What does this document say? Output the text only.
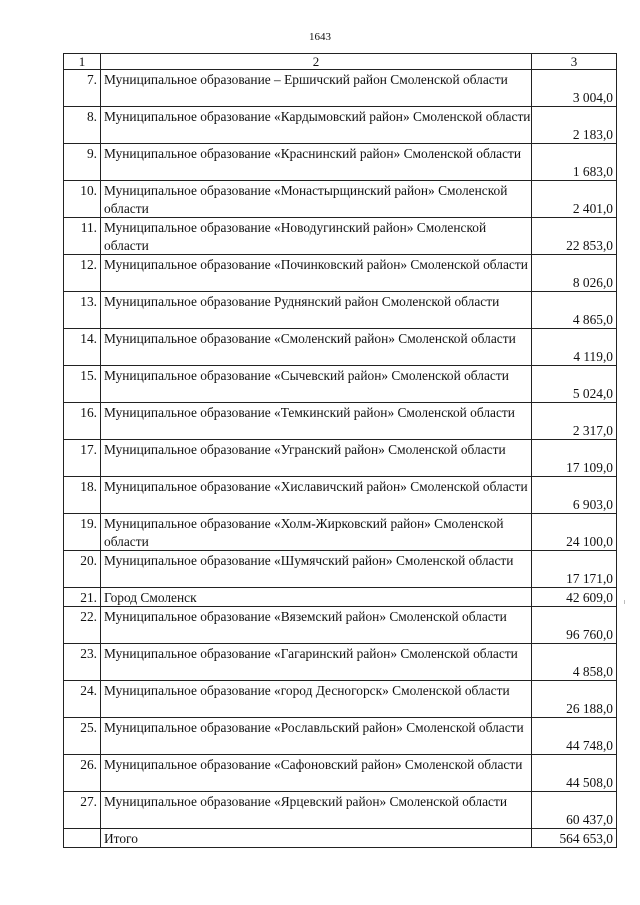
1643
1	2	3
7.	Муниципальное образование – Ершичский район Смоленской области	3 004,0
8.	Муниципальное образование «Кардымовский район» Смоленской области	2 183,0
9.	Муниципальное образование «Краснинский район» Смоленской области	1 683,0
10.	Муниципальное образование «Монастырщинский район» Смоленской области	2 401,0
11.	Муниципальное образование «Новодугинский район» Смоленской области	22 853,0
12.	Муниципальное образование «Починковский район» Смоленской области	8 026,0
13.	Муниципальное образование Руднянский район Смоленской области	4 865,0
14.	Муниципальное образование «Смоленский район» Смоленской области	4 119,0
15.	Муниципальное образование «Сычевский район» Смоленской области	5 024,0
16.	Муниципальное образование «Темкинский район» Смоленской области	2 317,0
17.	Муниципальное образование «Угранский район» Смоленской области	17 109,0
18.	Муниципальное образование «Хиславичский район» Смоленской области	6 903,0
19.	Муниципальное образование «Холм-Жирковский район» Смоленской области	24 100,0
20.	Муниципальное образование «Шумячский район» Смоленской области	17 171,0
21.	Город Смоленск	42 609,0
22.	Муниципальное образование «Вяземский район» Смоленской области	96 760,0
23.	Муниципальное образование «Гагаринский район» Смоленской области	4 858,0
24.	Муниципальное образование «город Десногорск» Смоленской области	26 188,0
25.	Муниципальное образование «Рославльский район» Смоленской области	44 748,0
26.	Муниципальное образование «Сафоновский район» Смоленской области	44 508,0
27.	Муниципальное образование «Ярцевский район» Смоленской области	60 437,0
	Итого	564 653,0
